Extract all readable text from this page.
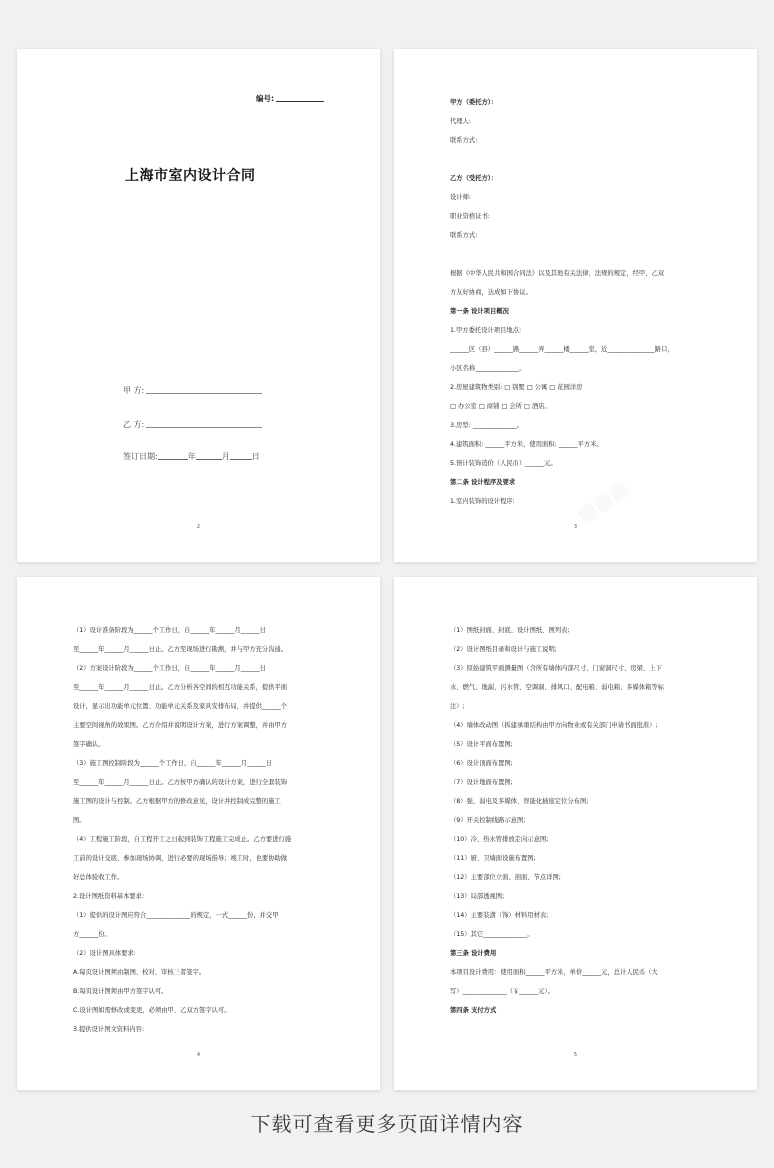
编号:
上海市室内设计合同
甲 方:
乙 方:
签订日期:	年	月	日
2
甲方（委托方）：
代理人:
联系方式:

乙方（受托方）：
设计师:
职业资格证书:
联系方式:

根据《中华人民共和国合同法》以及其他有关法律、法规的规定，经甲、乙双
方友好协商，达成如下协议。
第一条 设计项目概况
1.甲方委托设计项目地点:
______区（县）______路______弄______楼______室，近_______________路口，
小区名称______________。
2.房屋建筑物类别: □ 别墅 □ 公寓 □ 花园洋房
□ 办公室 □ 商铺 □ 会所 □ 酒店。
3.房型: ______________。
4.建筑面积: ______平方米，使用面积: ______平方米。
5.预计装饰造价（人民币）______元。
第二条 设计程序及要求
1.室内装饰的设计程序:
3
（1）设计准备阶段为______个工作日，自______年______月______日
至______年______月______日止。乙方至现场进行勘测，并与甲方充分沟通。
（2）方案设计阶段为______个工作日，自______年______月______日
至______年______月______日止。乙方分析各空间的相互功能关系，提供平面
设计，显示出功能单元位置、功能单元关系及家具安排布局，并提供______个
主要空间视角的效果图。乙方介绍并说明设计方案，进行方案调整，并由甲方
签字确认。
（3）施工图控制阶段为______个工作日，自______年______月______日
至______年______月______日止。乙方按甲方确认的设计方案，进行全套装饰
施工图的设计与控制。乙方根据甲方的修改意见，设计并控制成完整的施工
图。
（4）工程施工阶段，自工程开工之日起到装饰工程施工完成止。乙方要进行施
工前的设计交底、参加现场协调，进行必要的现场指导；竣工时，也要协助做
好总体验收工作。
2.设计图纸资料基本要求:
（1）提供的设计图应符合______________的规定，一式______份，并交甲
方______份。
（2）设计图具体要求:
A.每页设计图须由制图、校对、审核三者签字。
B.每页设计图须由甲方签字认可。
C.设计图如需修改或变更，必须由甲、乙双方签字认可。
3.提供设计图文资料内容:
4
（1）图纸封面、封底、设计图纸、图列表;
（2）设计图纸目录和设计与施工说明;
（3）原始建筑平面测量图（含所有墙体内部尺寸、门窗洞尺寸、房梁、上下
水、燃气、地漏、污水管、空调洞、排风口、配电箱、弱电箱、多媒体箱等标
注）;
（4）墙体改动图（拆建承重结构由甲方向物业或有关部门申请书面批准）;
（5）设计平面布置图;
（6）设计顶面布置图;
（7）设计地面布置图;
（8）强、弱电及多媒体、智能化插座定位分布图;
（9）开关控制线路示意图;
（10）冷、热水管排放走向示意图;
（11）厨、卫墙面设施布置图;
（12）主要部位立面、剖面、节点详图;
（13）局部透视图;
（14）主要装潢（饰）材料用材表;
（15）其它______________。
第三条 设计费用
本项目设计费用：使用面积______平方米，单价______元，总计人民币（大
写）______________（￥______元）。
第四条 支付方式
5
下载可查看更多页面详情内容
